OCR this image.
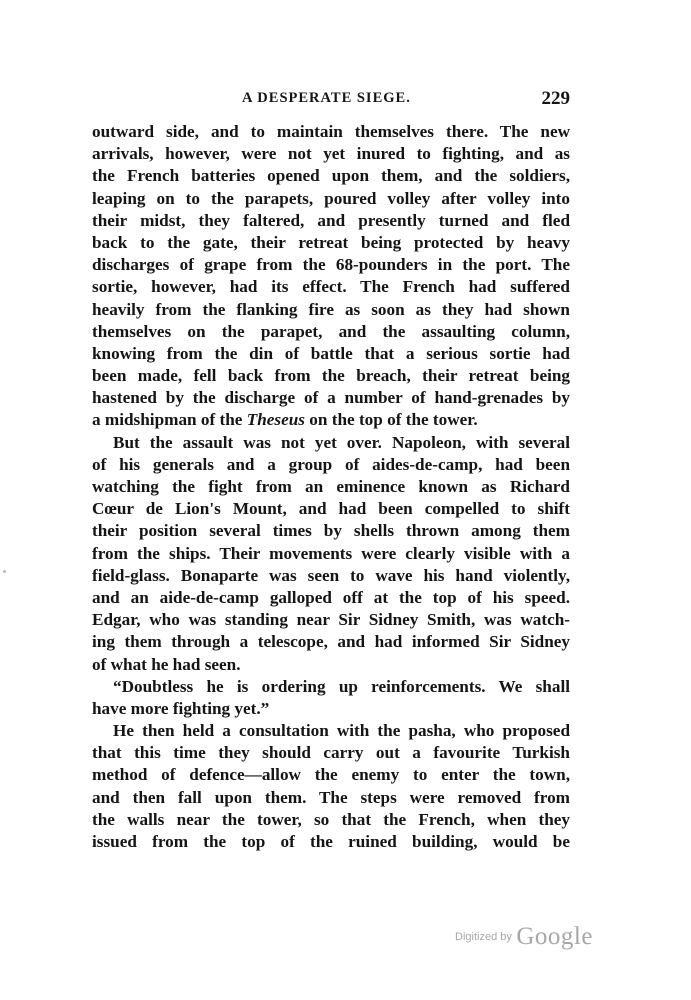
A DESPERATE SIEGE.	229
outward side, and to maintain themselves there. The new
arrivals, however, were not yet inured to fighting, and as
the French batteries opened upon them, and the soldiers,
leaping on to the parapets, poured volley after volley into
their midst, they faltered, and presently turned and fled
back to the gate, their retreat being protected by heavy
discharges of grape from the 68-pounders in the port. The
sortie, however, had its effect. The French had suffered
heavily from the flanking fire as soon as they had shown
themselves on the parapet, and the assaulting column,
knowing from the din of battle that a serious sortie had
been made, fell back from the breach, their retreat being
hastened by the discharge of a number of hand-grenades by
a midshipman of the Theseus on the top of the tower.
But the assault was not yet over. Napoleon, with several
of his generals and a group of aides-de-camp, had been
watching the fight from an eminence known as Richard
Cœur de Lion's Mount, and had been compelled to shift
their position several times by shells thrown among them
from the ships. Their movements were clearly visible with a
field-glass. Bonaparte was seen to wave his hand violently,
and an aide-de-camp galloped off at the top of his speed.
Edgar, who was standing near Sir Sidney Smith, was watch-
ing them through a telescope, and had informed Sir Sidney
of what he had seen.
“Doubtless he is ordering up reinforcements. We shall
have more fighting yet.”
He then held a consultation with the pasha, who proposed
that this time they should carry out a favourite Turkish
method of defence—allow the enemy to enter the town,
and then fall upon them. The steps were removed from
the walls near the tower, so that the French, when they
issued from the top of the ruined building, would be
$^{Digitized by}$ Google
